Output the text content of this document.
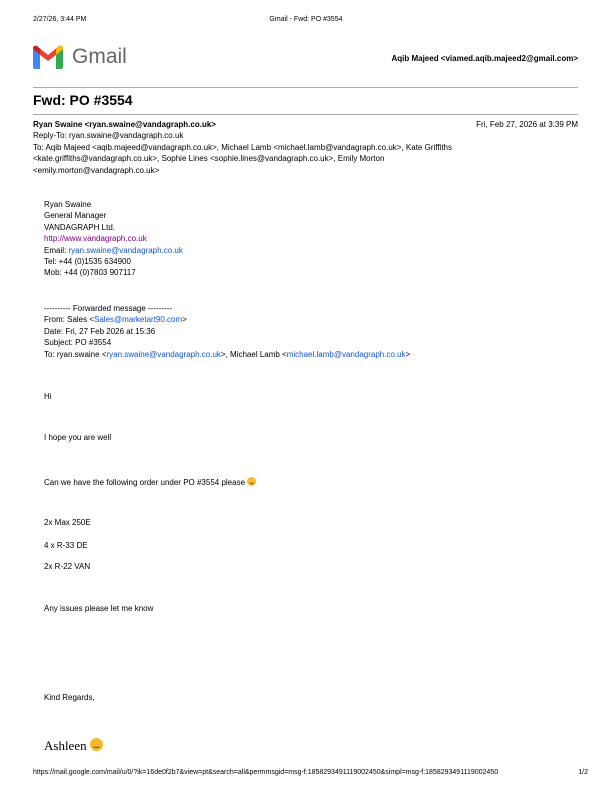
2/27/26, 3:44 PM	Gmail - Fwd: PO #3554
Gmail	Aqib Majeed <viamed.aqib.majeed2@gmail.com>
Fwd: PO #3554
Ryan Swaine <ryan.swaine@vandagraph.co.uk>
Reply-To: ryan.swaine@vandagraph.co.uk
To: Aqib Majeed <aqib.majeed@vandagraph.co.uk>, Michael Lamb <michael.lamb@vandagraph.co.uk>, Kate Griffiths
<kate.griffiths@vandagraph.co.uk>, Sophie Lines <sophie.lines@vandagraph.co.uk>, Emily Morton
<emily.morton@vandagraph.co.uk>
Fri, Feb 27, 2026 at 3:39 PM
Ryan Swaine
General Manager
VANDAGRAPH Ltd.
http://www.vandagraph.co.uk
Email: ryan.swaine@vandagraph.co.uk
Tel: +44 (0)1535 634900
Mob: +44 (0)7803 907117
---------- Forwarded message ---------
From: Sales <Sales@marketart90.com>
Date: Fri, 27 Feb 2026 at 15:36
Subject: PO #3554
To: ryan.swaine <ryan.swaine@vandagraph.co.uk>, Michael Lamb <michael.lamb@vandagraph.co.uk>
Hi
I hope you are well
Can we have the following order under PO #3554 please
2x Max 250E
4 x R-33 DE
2x R-22 VAN
Any issues please let me know
Kind Regards,
Ashleen
https://mail.google.com/mail/u/0/?ik=16de0f2b7&view=pt&search=all&permmsgid=msg-f:1858293491119002450&simpl=msg-f:1858293491119002450	1/2
